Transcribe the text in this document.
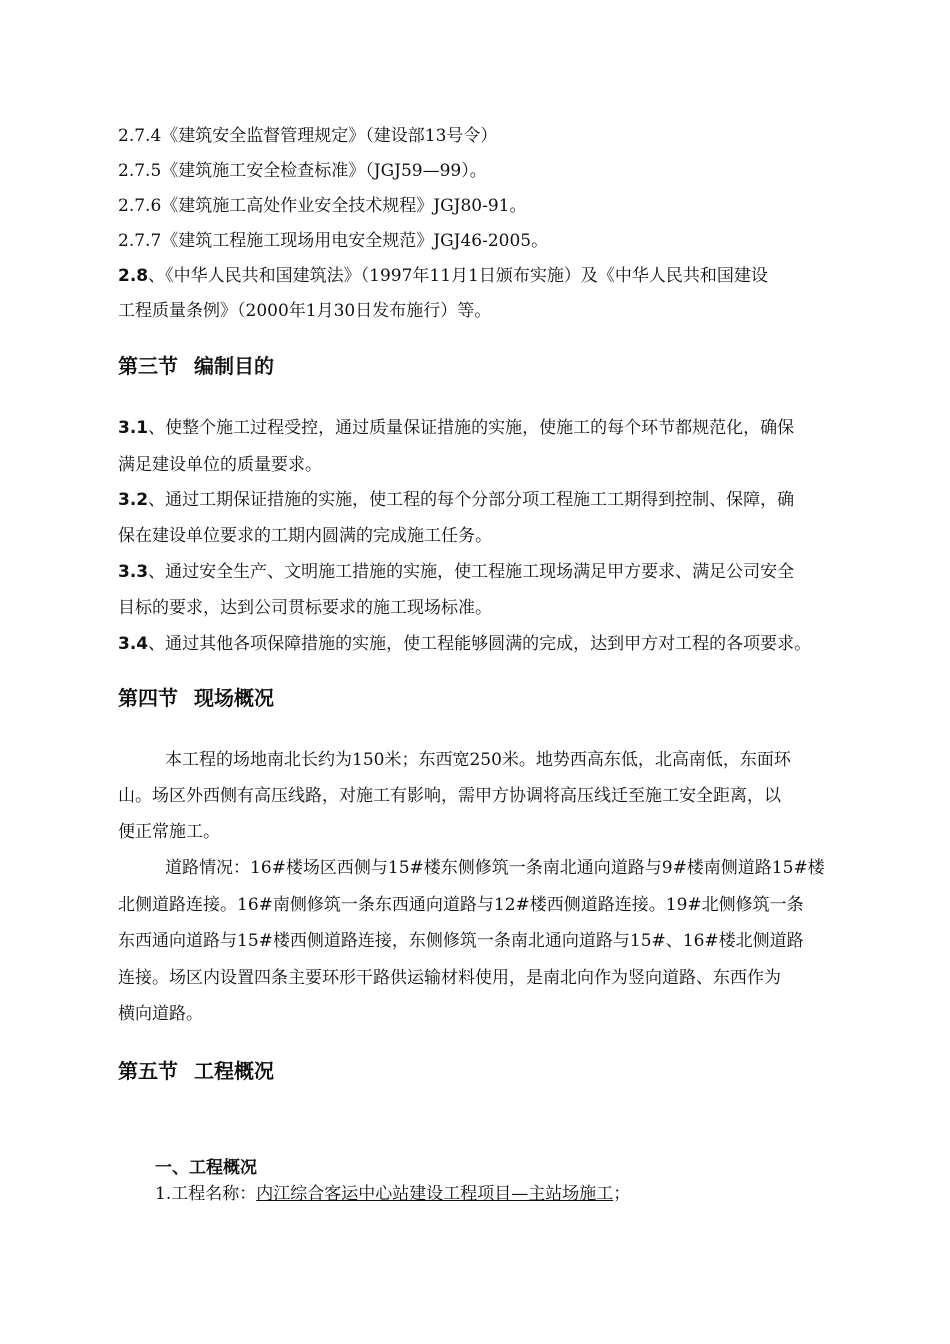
2.7.4《建筑安全监督管理规定》（建设部13号令）
2.7.5《建筑施工安全检查标准》（JGJ59—99）。
2.7.6《建筑施工高处作业安全技术规程》JGJ80-91。
2.7.7《建筑工程施工现场用电安全规范》JGJ46-2005。
2.8、《中华人民共和国建筑法》（1997年11月1日颁布实施）及《中华人民共和国建设
工程质量条例》（2000年1月30日发布施行）等。
第三节 编制目的
3.1、使整个施工过程受控，通过质量保证措施的实施，使施工的每个环节都规范化，确保
满足建设单位的质量要求。
3.2、通过工期保证措施的实施，使工程的每个分部分项工程施工工期得到控制、保障，确
保在建设单位要求的工期内圆满的完成施工任务。
3.3、通过安全生产、文明施工措施的实施，使工程施工现场满足甲方要求、满足公司安全
目标的要求，达到公司贯标要求的施工现场标准。
3.4、通过其他各项保障措施的实施，使工程能够圆满的完成，达到甲方对工程的各项要求。
第四节 现场概况
本工程的场地南北长约为150米；东西宽250米。地势西高东低，北高南低，东面环
山。场区外西侧有高压线路，对施工有影响，需甲方协调将高压线迁至施工安全距离，以
便正常施工。
道路情况：16#楼场区西侧与15#楼东侧修筑一条南北通向道路与9#楼南侧道路15#楼
北侧道路连接。16#南侧修筑一条东西通向道路与12#楼西侧道路连接。19#北侧修筑一条
东西通向道路与15#楼西侧道路连接，东侧修筑一条南北通向道路与15#、16#楼北侧道路
连接。场区内设置四条主要环形干路供运输材料使用，是南北向作为竖向道路、东西作为
横向道路。
第五节 工程概况
一、工程概况
1.工程名称：内江综合客运中心站建设工程项目—主站场施工；
